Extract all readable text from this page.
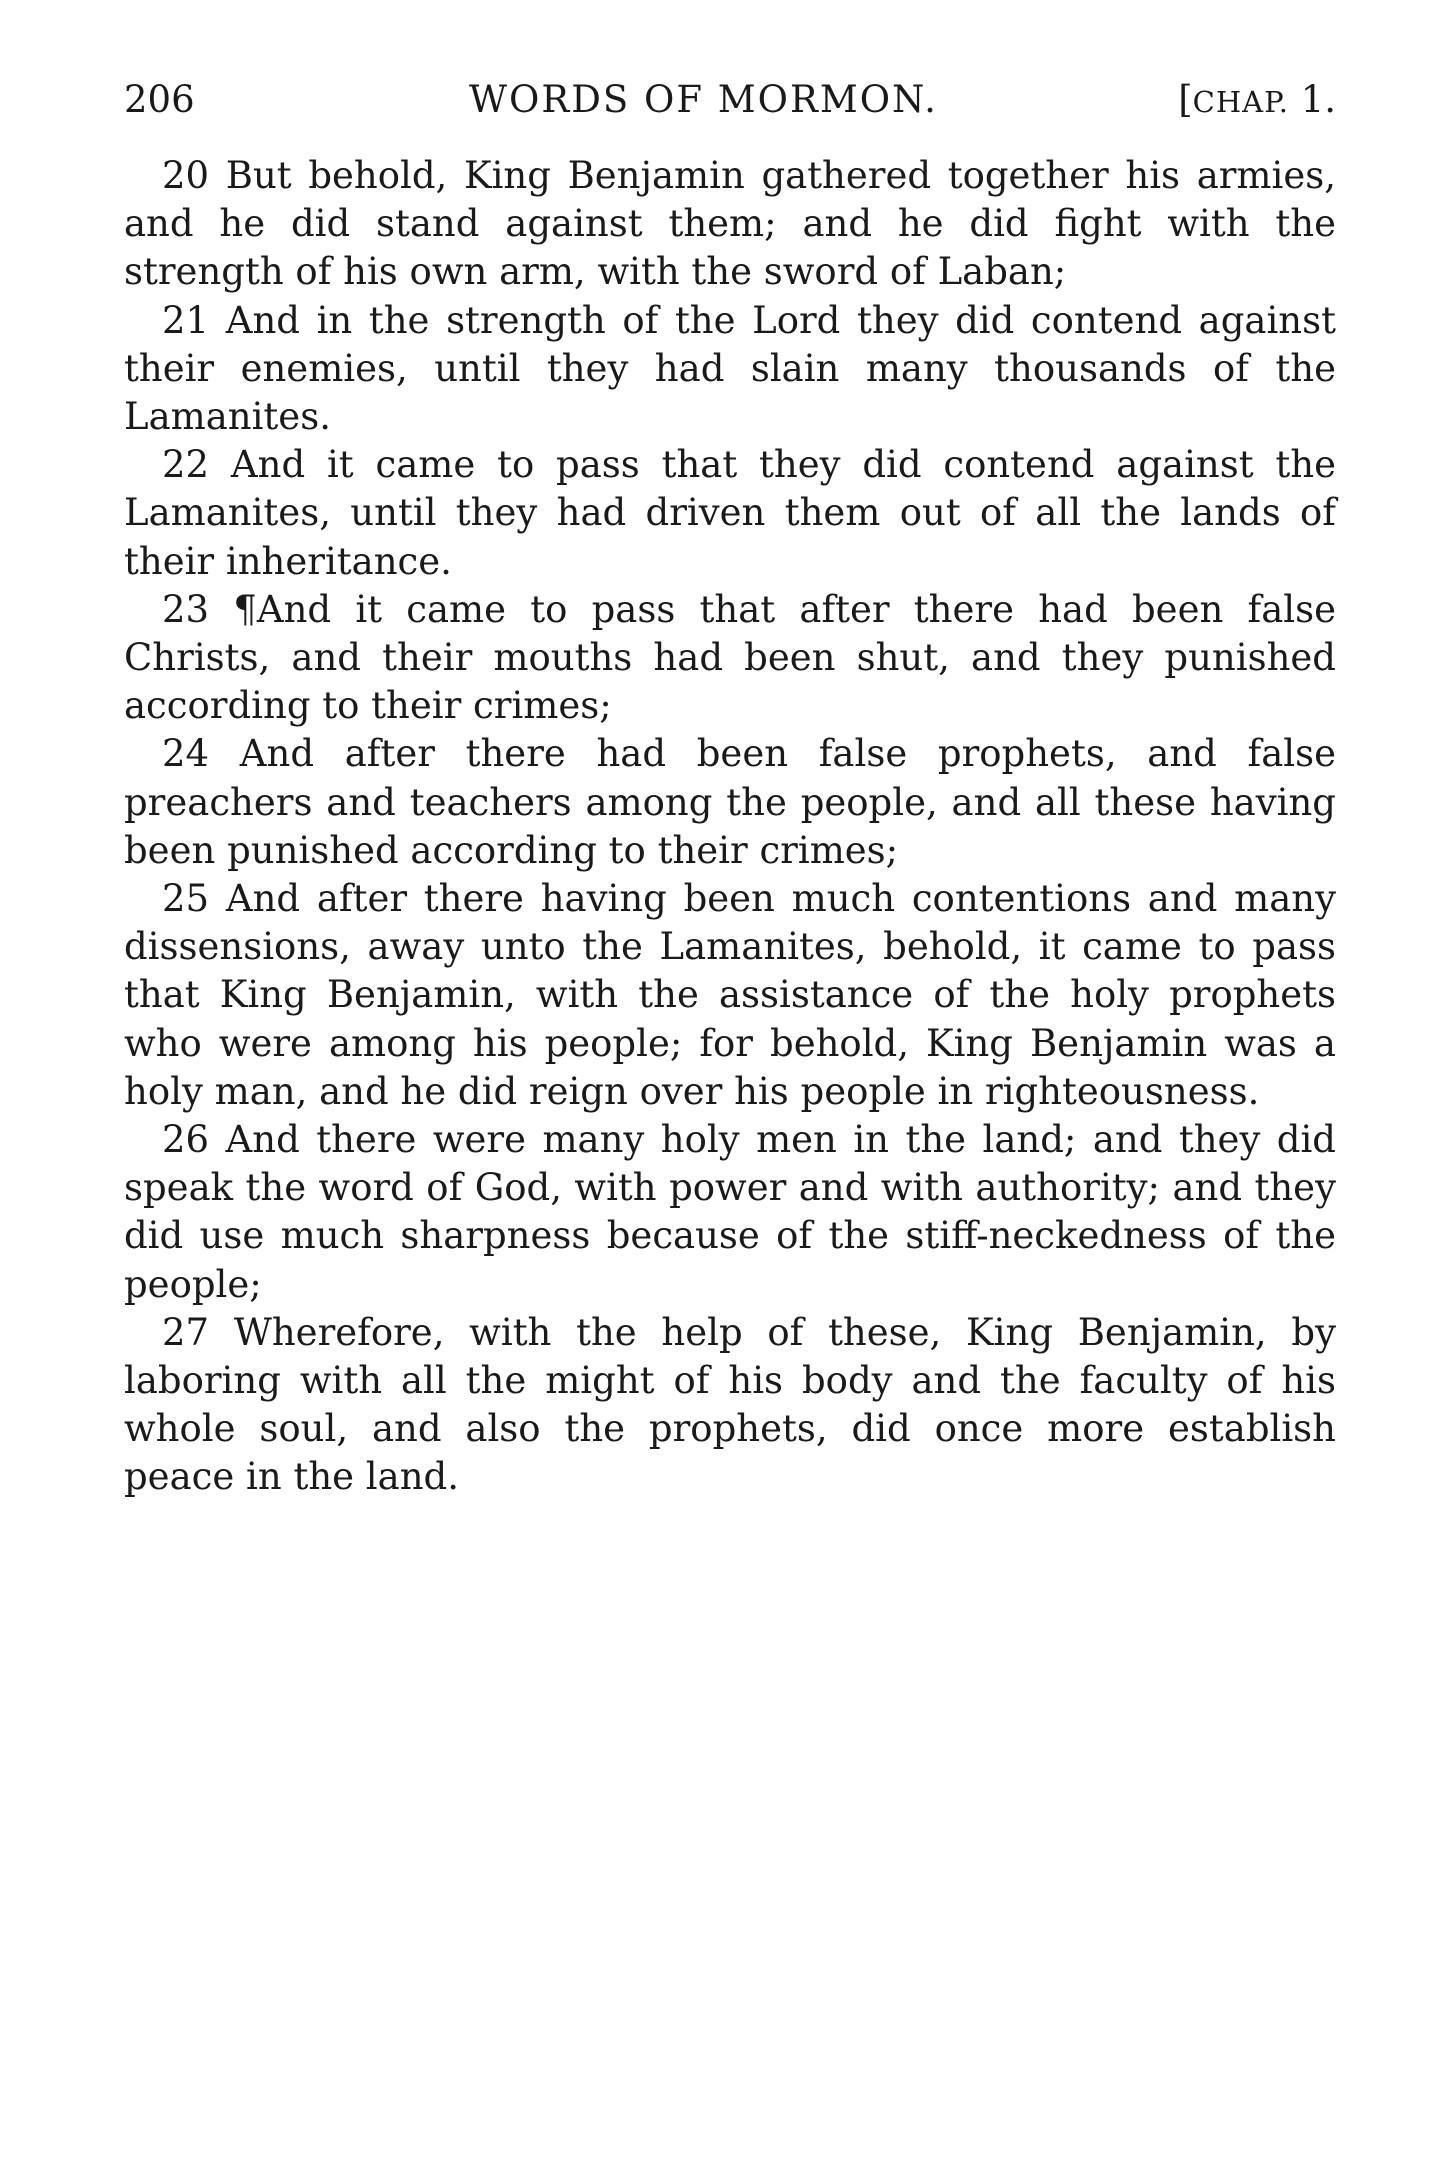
206	WORDS OF MORMON.	[CHAP. 1.

20 But behold, King Benjamin gathered together his armies, and he did stand against them; and he did fight with the strength of his own arm, with the sword of Laban;

21 And in the strength of the Lord they did contend against their enemies, until they had slain many thousands of the Lamanites.

22 And it came to pass that they did contend against the Lamanites, until they had driven them out of all the lands of their inheritance.

23 ¶And it came to pass that after there had been false Christs, and their mouths had been shut, and they punished according to their crimes;

24 And after there had been false prophets, and false preachers and teachers among the people, and all these having been punished according to their crimes;

25 And after there having been much contentions and many dissensions, away unto the Lamanites, behold, it came to pass that King Benjamin, with the assistance of the holy prophets who were among his people; for behold, King Benjamin was a holy man, and he did reign over his people in righteousness.

26 And there were many holy men in the land; and they did speak the word of God, with power and with authority; and they did use much sharpness because of the stiff-neckedness of the people;

27 Wherefore, with the help of these, King Benjamin, by laboring with all the might of his body and the faculty of his whole soul, and also the prophets, did once more establish peace in the land.
